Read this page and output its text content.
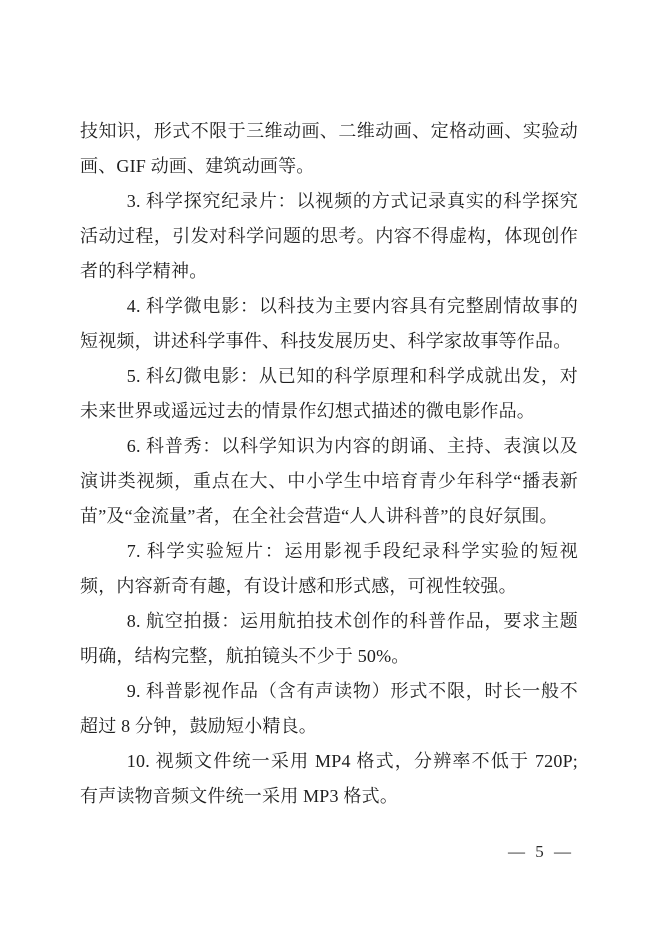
技知识，形式不限于三维动画、二维动画、定格动画、实验动画、GIF 动画、建筑动画等。

3. 科学探究纪录片：以视频的方式记录真实的科学探究活动过程，引发对科学问题的思考。内容不得虚构，体现创作者的科学精神。

4. 科学微电影：以科技为主要内容具有完整剧情故事的短视频，讲述科学事件、科技发展历史、科学家故事等作品。

5. 科幻微电影：从已知的科学原理和科学成就出发，对未来世界或遥远过去的情景作幻想式描述的微电影作品。

6. 科普秀：以科学知识为内容的朗诵、主持、表演以及演讲类视频，重点在大、中小学生中培育青少年科学“播表新苗”及“金流量”者，在全社会营造“人人讲科普”的良好氛围。

7. 科学实验短片：运用影视手段纪录科学实验的短视频，内容新奇有趣，有设计感和形式感，可视性较强。

8. 航空拍摄：运用航拍技术创作的科普作品，要求主题明确，结构完整，航拍镜头不少于 50%。

9. 科普影视作品（含有声读物）形式不限，时长一般不超过 8 分钟，鼓励短小精良。

10. 视频文件统一采用 MP4 格式，分辨率不低于 720P; 有声读物音频文件统一采用 MP3 格式。

— 5 —
